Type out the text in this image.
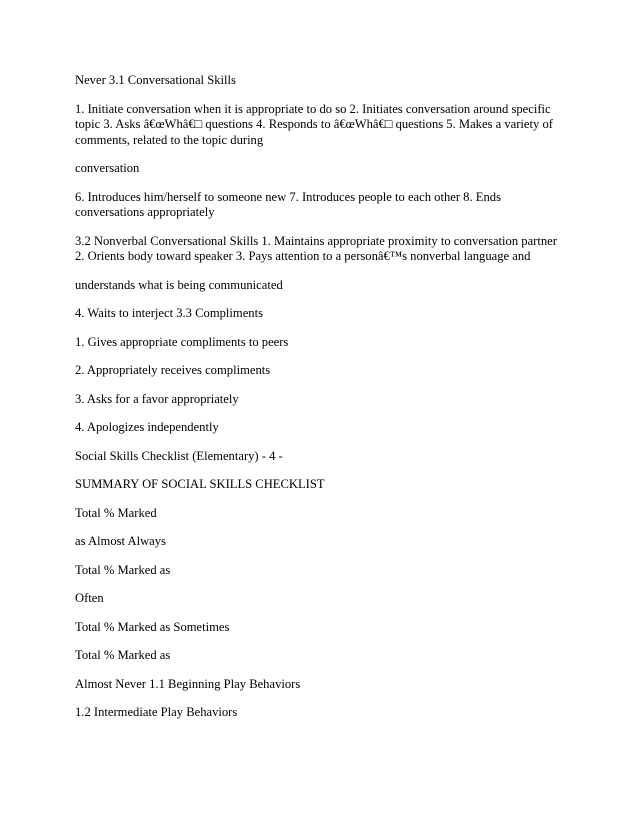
Never 3.1 Conversational Skills

1. Initiate conversation when it is appropriate to do so 2. Initiates conversation around specific topic 3. Asks â€œWhâ€□ questions 4. Responds to â€œWhâ€□ questions 5. Makes a variety of comments, related to the topic during

conversation

6. Introduces him/herself to someone new 7. Introduces people to each other 8. Ends conversations appropriately

3.2 Nonverbal Conversational Skills 1. Maintains appropriate proximity to conversation partner 2. Orients body toward speaker 3. Pays attention to a personâ€™s nonverbal language and

understands what is being communicated

4. Waits to interject 3.3 Compliments

1. Gives appropriate compliments to peers

2. Appropriately receives compliments

3. Asks for a favor appropriately

4. Apologizes independently

Social Skills Checklist (Elementary) - 4 -

SUMMARY OF SOCIAL SKILLS CHECKLIST

Total % Marked

as Almost Always

Total % Marked as

Often

Total % Marked as Sometimes

Total % Marked as

Almost Never 1.1 Beginning Play Behaviors

1.2 Intermediate Play Behaviors
